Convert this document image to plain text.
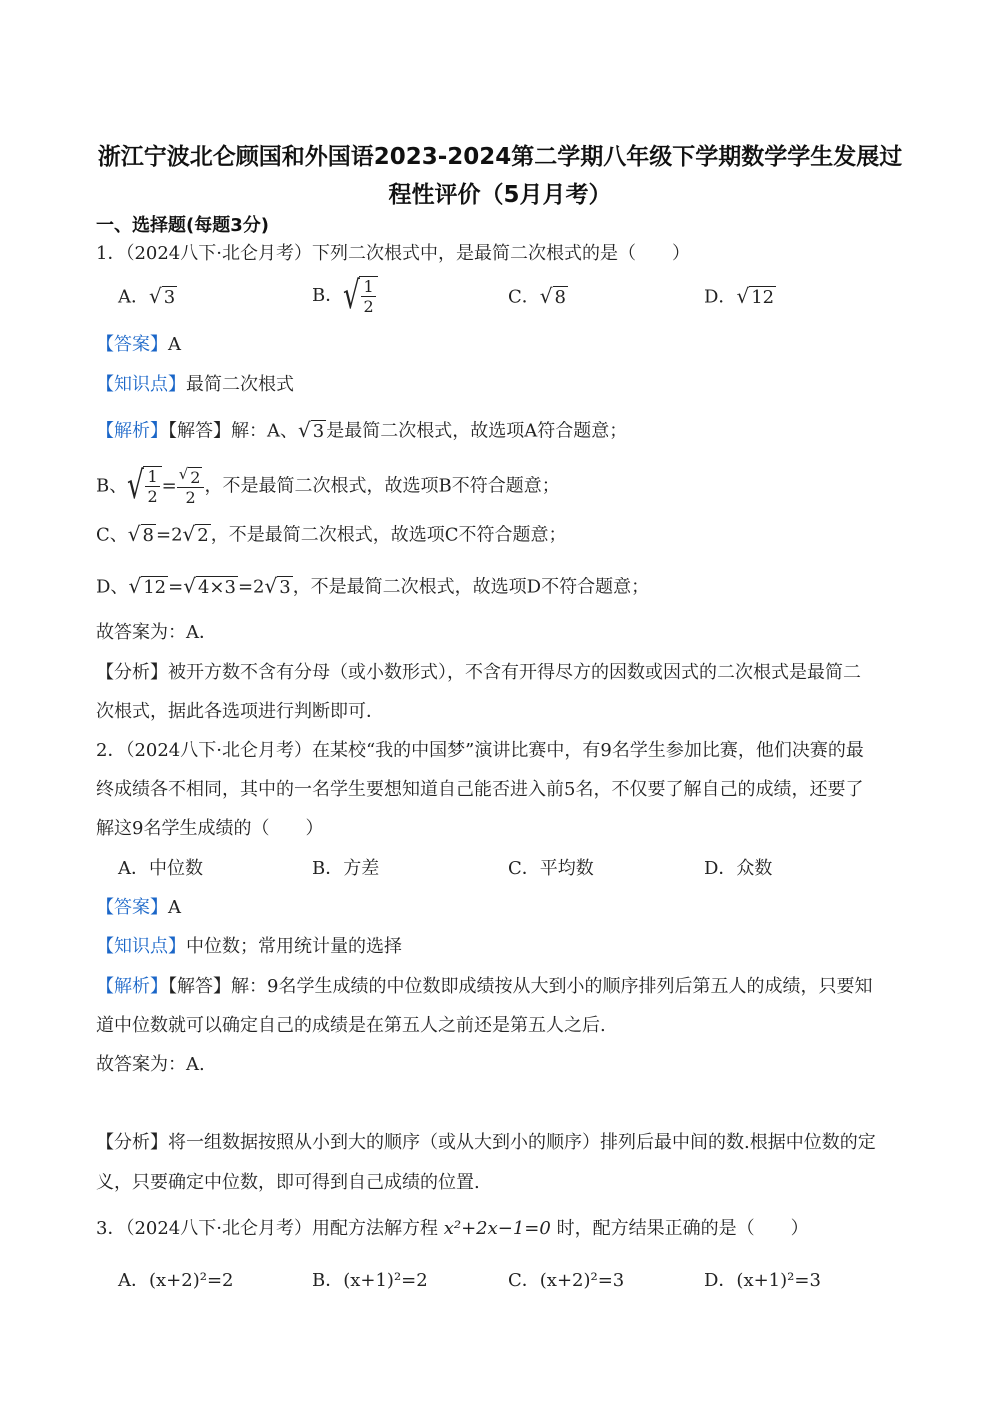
浙江宁波北仑顾国和外国语2023-2024第二学期八年级下学期数学学生发展过
程性评价（5月月考）
一、选择题(每题3分)
1．（2024八下·北仑月考）下列二次根式中，是最简二次根式的是（　　）
A． √ 3	B． √ $\frac{1}{2}$	C． √ 8	D． √ 12
【答案】A
【知识点】最简二次根式
【解析】【解答】解：A、 √ 3 是最简二次根式，故选项A符合题意；
B、 √ $\frac{1}{2} = \frac{√ 2}{2}$ ，不是最简二次根式，故选项B不符合题意；
C、 √ 8 =2 √ 2 ，不是最简二次根式，故选项C不符合题意；
D、 √ 12 = √ 4×3 =2 √ 3 ，不是最简二次根式，故选项D不符合题意；
故答案为：A．
【分析】被开方数不含有分母（或小数形式），不含有开得尽方的因数或因式的二次根式是最简二
次根式，据此各选项进行判断即可．
2．（2024八下·北仑月考）在某校“我的中国梦”演讲比赛中，有9名学生参加比赛，他们决赛的最
终成绩各不相同，其中的一名学生要想知道自己能否进入前5名，不仅要了解自己的成绩，还要了
解这9名学生成绩的（　　）
A．中位数	B．方差	C．平均数	D．众数
【答案】A
【知识点】中位数；常用统计量的选择
【解析】【解答】解：9名学生成绩的中位数即成绩按从大到小的顺序排列后第五人的成绩，只要知
道中位数就可以确定自己的成绩是在第五人之前还是第五人之后.
故答案为：A.
【分析】将一组数据按照从小到大的顺序（或从大到小的顺序）排列后最中间的数.根据中位数的定
义，只要确定中位数，即可得到自己成绩的位置.
3．（2024八下·北仑月考）用配方法解方程 x²+2x−1=0 时，配方结果正确的是（　　）
A．(x+2)²=2	B．(x+1)²=2	C．(x+2)²=3	D．(x+1)²=3
